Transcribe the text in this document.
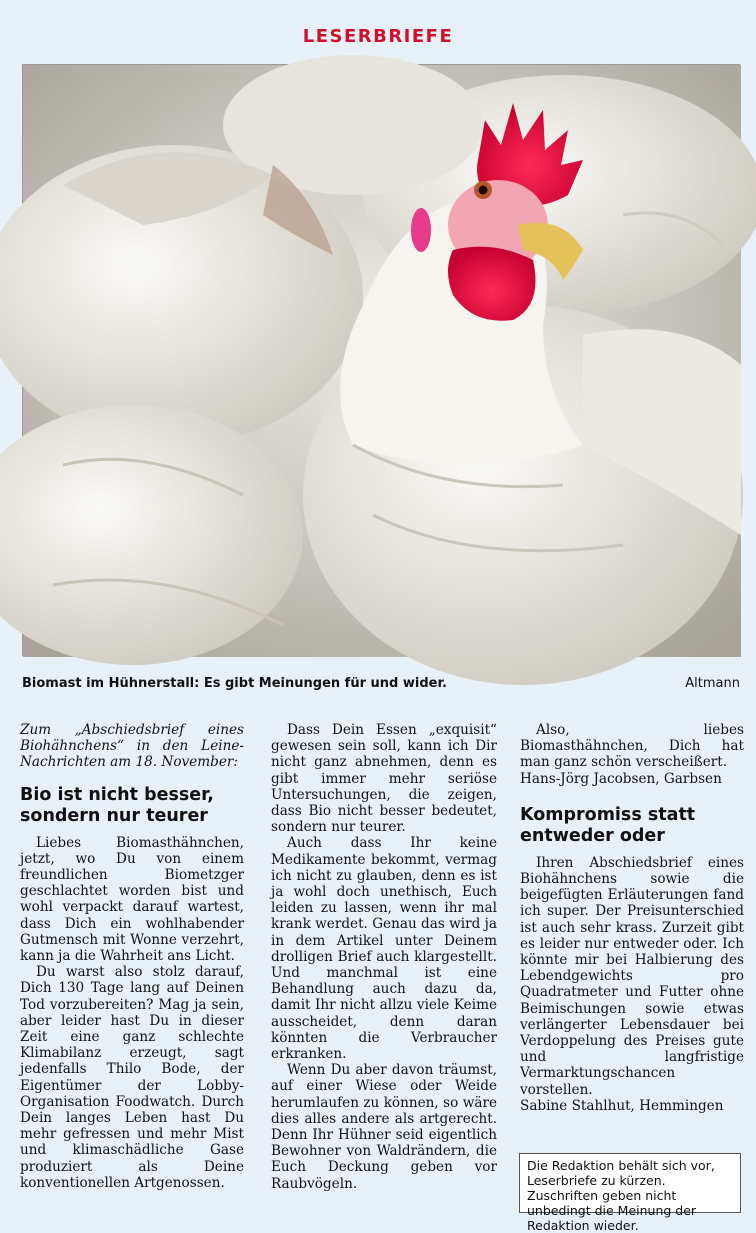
LESERBRIEFE
Biomast im Hühnerstall: Es gibt Meinungen für und wider.	Altmann
Zum „Abschiedsbrief eines Biohähnchens“ in den Leine-Nachrichten am 18. November:
Bio ist nicht besser, sondern nur teurer

Liebes Biomasthähnchen, jetzt, wo Du von einem freundlichen Biometzger geschlachtet worden bist und wohl verpackt darauf wartest, dass Dich ein wohlhabender Gutmensch mit Wonne verzehrt, kann ja die Wahrheit ans Licht.

Du warst also stolz darauf, Dich 130 Tage lang auf Deinen Tod vorzubereiten? Mag ja sein, aber leider hast Du in dieser Zeit eine ganz schlechte Klimabilanz erzeugt, sagt jedenfalls Thilo Bode, der Eigentümer der Lobby-Organisation Foodwatch. Durch Dein langes Leben hast Du mehr gefressen und mehr Mist und klimaschädliche Gase produziert als Deine konventionellen Artgenossen.

Dass Dein Essen „exquisit“ gewesen sein soll, kann ich Dir nicht ganz abnehmen, denn es gibt immer mehr seriöse Untersuchungen, die zeigen, dass Bio nicht besser bedeutet, sondern nur teurer.

Auch dass Ihr keine Medikamente bekommt, vermag ich nicht zu glauben, denn es ist ja wohl doch unethisch, Euch leiden zu lassen, wenn ihr mal krank werdet. Genau das wird ja in dem Artikel unter Deinem drolligen Brief auch klargestellt. Und manchmal ist eine Behandlung auch dazu da, damit Ihr nicht allzu viele Keime ausscheidet, denn daran könnten die Verbraucher erkranken.

Wenn Du aber davon träumst, auf einer Wiese oder Weide herumlaufen zu können, so wäre dies alles andere als artgerecht. Denn Ihr Hühner seid eigentlich Bewohner von Waldrändern, die Euch Deckung geben vor Raubvögeln.

Also, liebes Biomasthähnchen, Dich hat man ganz schön verscheißert.

Hans-Jörg Jacobsen, Garbsen

Kompromiss statt entweder oder

Ihren Abschiedsbrief eines Biohähnchens sowie die beigefügten Erläuterungen fand ich super. Der Preisunterschied ist auch sehr krass. Zurzeit gibt es leider nur entweder oder. Ich könnte mir bei Halbierung des Lebendgewichts pro Quadratmeter und Futter ohne Beimischungen sowie etwas verlängerter Lebensdauer bei Verdoppelung des Preises gute und langfristige Vermarktungschancen vorstellen.

Sabine Stahlhut, Hemmingen

Die Redaktion behält sich vor, Leserbriefe zu kürzen. Zuschriften geben nicht unbedingt die Meinung der Redaktion wieder.
